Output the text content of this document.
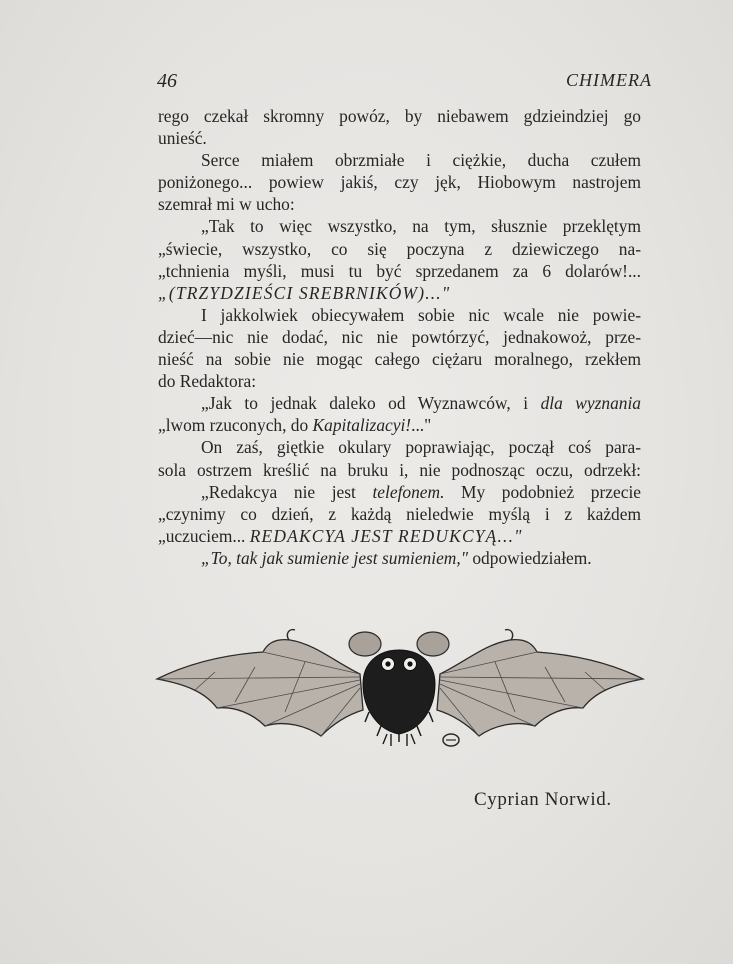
46	CHIMERA
rego czekał skromny powóz, by niebawem gdzieindziej go
unieść.
Serce miałem obrzmiałe i ciężkie, ducha czułem
poniżonego... powiew jakiś, czy jęk, Hiobowym nastrojem
szemrał mi w ucho:
„Tak to więc wszystko, na tym, słusznie przeklętym
„świecie, wszystko, co się poczyna z dziewiczego na-
„tchnienia myśli, musi tu być sprzedanem za 6 dolarów!...
„(TRZYDZIEŚCI SREBRNIKÓW)..."
I jakkolwiek obiecywałem sobie nic wcale nie powie-
dzieć—nic nie dodać, nic nie powtórzyć, jednakowoż, prze-
nieść na sobie nie mogąc całego ciężaru moralnego, rzekłem
do Redaktora:
„Jak to jednak daleko od Wyznawców, i dla wyznania
„lwom rzuconych, do Kapitalizacyi!..."
On zaś, giętkie okulary poprawiając, począł coś para-
sola ostrzem kreślić na bruku i, nie podnosząc oczu, odrzekł:
„Redakcya nie jest telefonem. My podobnież przecie
„czynimy co dzień, z każdą nieledwie myślą i z każdem
„uczuciem... REDAKCYA JEST REDUKCYĄ..."
„To, tak jak sumienie jest sumieniem," odpowiedziałem.
Cyprian Norwid.
